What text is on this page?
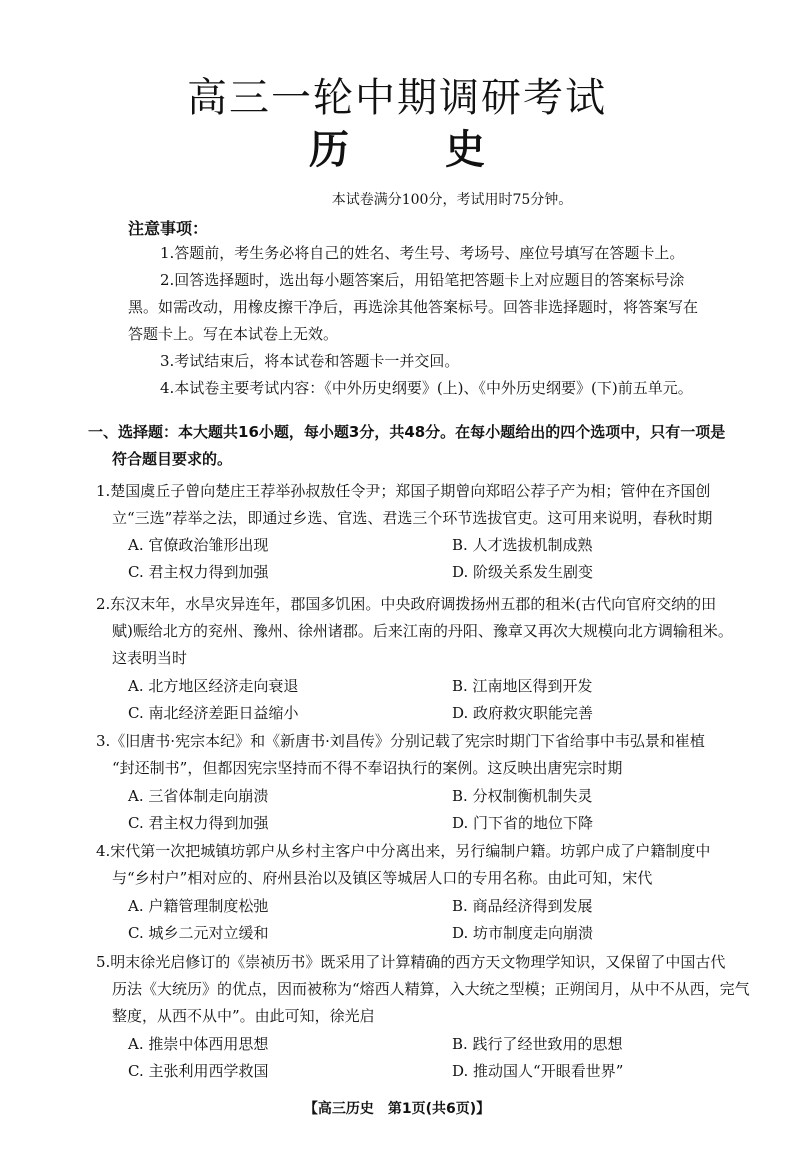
高三一轮中期调研考试
历史
本试卷满分100分，考试用时75分钟。
注意事项：
1.答题前，考生务必将自己的姓名、考生号、考场号、座位号填写在答题卡上。
2.回答选择题时，选出每小题答案后，用铅笔把答题卡上对应题目的答案标号涂
黑。如需改动，用橡皮擦干净后，再选涂其他答案标号。回答非选择题时，将答案写在
答题卡上。写在本试卷上无效。
3.考试结束后，将本试卷和答题卡一并交回。
4.本试卷主要考试内容：《中外历史纲要》(上)、《中外历史纲要》(下)前五单元。
一、选择题：本大题共16小题，每小题3分，共48分。在每小题给出的四个选项中，只有一项是
符合题目要求的。
1.楚国虞丘子曾向楚庄王荐举孙叔敖任令尹；郑国子期曾向郑昭公荐子产为相；管仲在齐国创
立“三选”荐举之法，即通过乡选、官选、君选三个环节选拔官吏。这可用来说明，春秋时期
A. 官僚政治雏形出现	B. 人才选拔机制成熟
C. 君主权力得到加强	D. 阶级关系发生剧变
2.东汉末年，水旱灾异连年，郡国多饥困。中央政府调拨扬州五郡的租米(古代向官府交纳的田
赋)赈给北方的兖州、豫州、徐州诸郡。后来江南的丹阳、豫章又再次大规模向北方调输租米。
这表明当时
A. 北方地区经济走向衰退	B. 江南地区得到开发
C. 南北经济差距日益缩小	D. 政府救灾职能完善
3.《旧唐书·宪宗本纪》和《新唐书·刘昌传》分别记载了宪宗时期门下省给事中韦弘景和崔植
“封还制书”，但都因宪宗坚持而不得不奉诏执行的案例。这反映出唐宪宗时期
A. 三省体制走向崩溃	B. 分权制衡机制失灵
C. 君主权力得到加强	D. 门下省的地位下降
4.宋代第一次把城镇坊郭户从乡村主客户中分离出来，另行编制户籍。坊郭户成了户籍制度中
与“乡村户”相对应的、府州县治以及镇区等城居人口的专用名称。由此可知，宋代
A. 户籍管理制度松弛	B. 商品经济得到发展
C. 城乡二元对立缓和	D. 坊市制度走向崩溃
5.明末徐光启修订的《崇祯历书》既采用了计算精确的西方天文物理学知识，又保留了中国古代
历法《大统历》的优点，因而被称为“熔西人精算，入大统之型模；正朔闰月，从中不从西，完气
整度，从西不从中”。由此可知，徐光启
A. 推崇中体西用思想	B. 践行了经世致用的思想
C. 主张利用西学救国	D. 推动国人“开眼看世界”
【高三历史　第1页(共6页)】
